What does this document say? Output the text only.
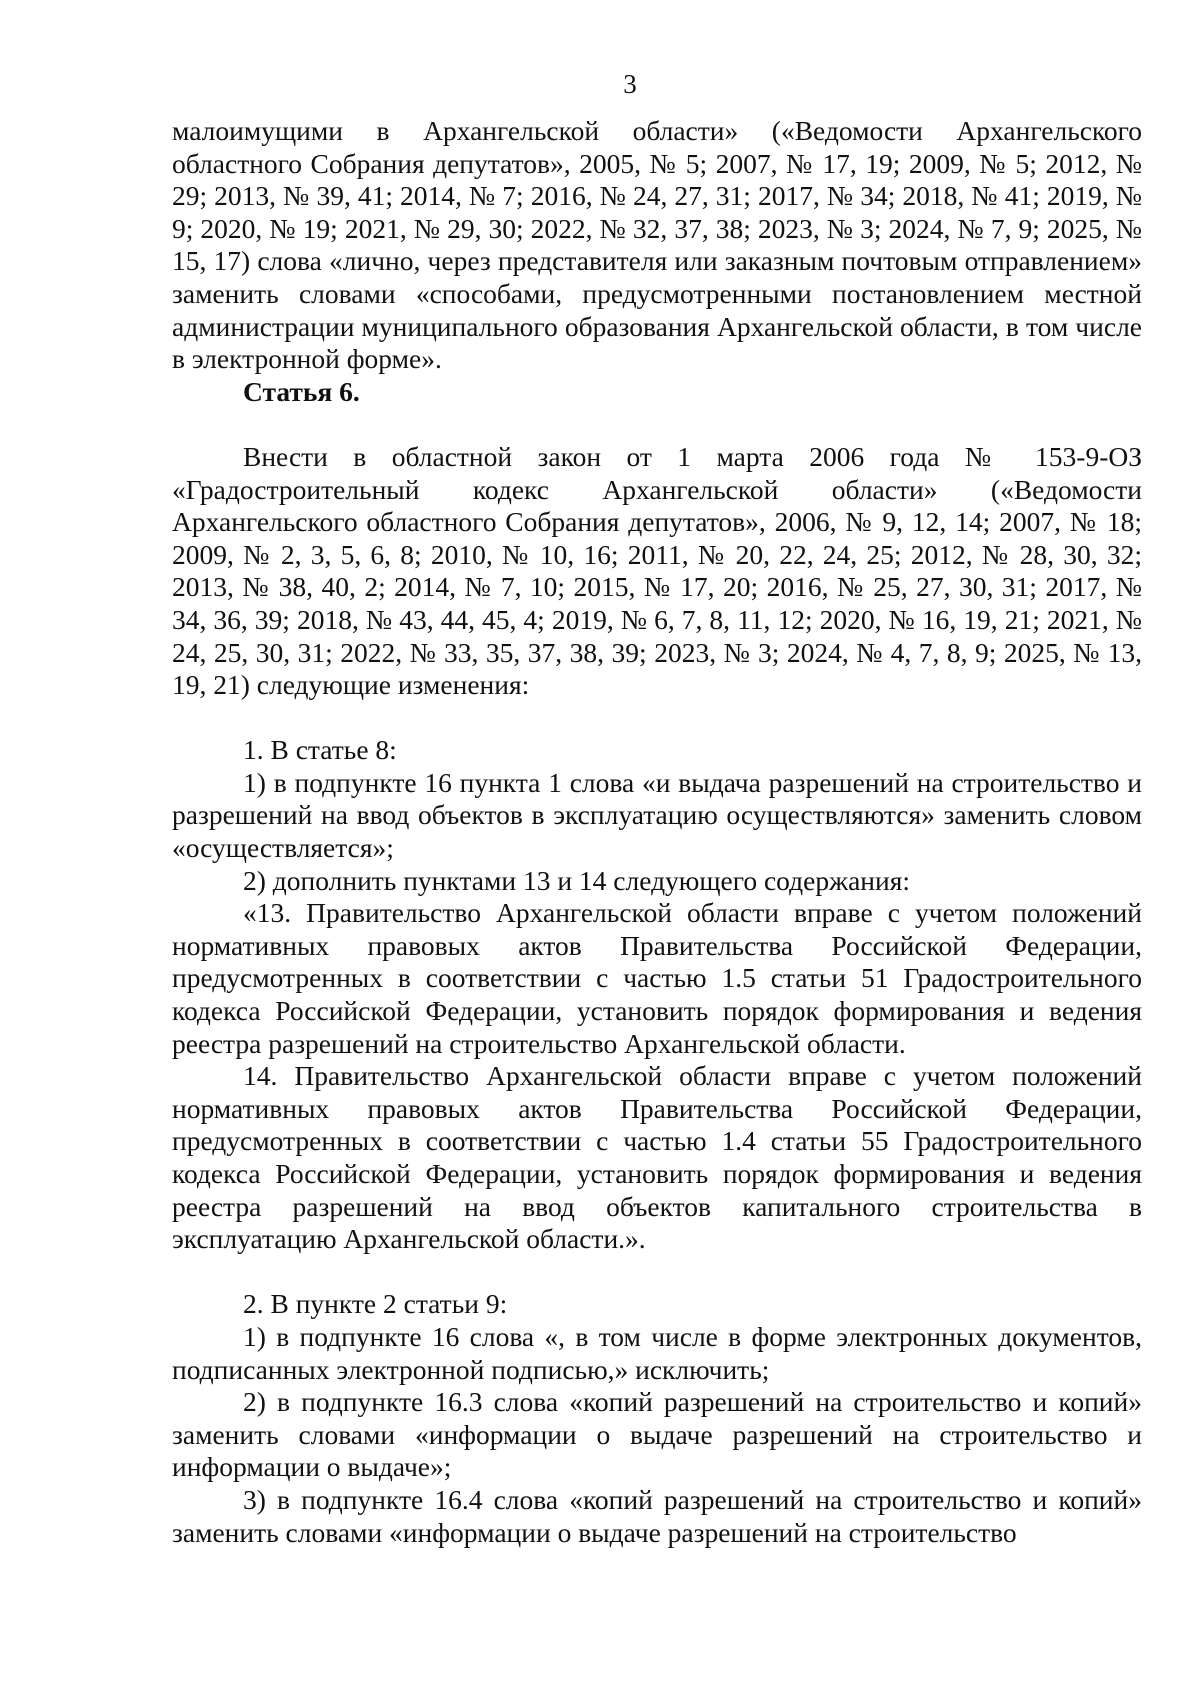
3

малоимущими в Архангельской области» («Ведомости Архангельского областного Собрания депутатов», 2005, № 5; 2007, № 17, 19; 2009, № 5; 2012, № 29; 2013, № 39, 41; 2014, № 7; 2016, № 24, 27, 31; 2017, № 34; 2018, № 41; 2019, № 9; 2020, № 19; 2021, № 29, 30; 2022, № 32, 37, 38; 2023, № 3; 2024, № 7, 9; 2025, № 15, 17) слова «лично, через представителя или заказным почтовым отправлением» заменить словами «способами, предусмотренными постановлением местной администрации муниципального образования Архангельской области, в том числе в электронной форме».

Статья 6.

Внести в областной закон от 1 марта 2006 года № 153-9-ОЗ «Градостроительный кодекс Архангельской области» («Ведомости Архангельского областного Собрания депутатов», 2006, № 9, 12, 14; 2007, № 18; 2009, № 2, 3, 5, 6, 8; 2010, № 10, 16; 2011, № 20, 22, 24, 25; 2012, № 28, 30, 32; 2013, № 38, 40, 2; 2014, № 7, 10; 2015, № 17, 20; 2016, № 25, 27, 30, 31; 2017, № 34, 36, 39; 2018, № 43, 44, 45, 4; 2019, № 6, 7, 8, 11, 12; 2020, № 16, 19, 21; 2021, № 24, 25, 30, 31; 2022, № 33, 35, 37, 38, 39; 2023, № 3; 2024, № 4, 7, 8, 9; 2025, № 13, 19, 21) следующие изменения:

1. В статье 8:

1) в подпункте 16 пункта 1 слова «и выдача разрешений на строительство и разрешений на ввод объектов в эксплуатацию осуществляются» заменить словом «осуществляется»;

2) дополнить пунктами 13 и 14 следующего содержания:

«13. Правительство Архангельской области вправе с учетом положений нормативных правовых актов Правительства Российской Федерации, предусмотренных в соответствии с частью 1.5 статьи 51 Градостроительного кодекса Российской Федерации, установить порядок формирования и ведения реестра разрешений на строительство Архангельской области.

14. Правительство Архангельской области вправе с учетом положений нормативных правовых актов Правительства Российской Федерации, предусмотренных в соответствии с частью 1.4 статьи 55 Градостроительного кодекса Российской Федерации, установить порядок формирования и ведения реестра разрешений на ввод объектов капитального строительства в эксплуатацию Архангельской области.».

2. В пункте 2 статьи 9:

1) в подпункте 16 слова «, в том числе в форме электронных документов, подписанных электронной подписью,» исключить;

2) в подпункте 16.3 слова «копий разрешений на строительство и копий» заменить словами «информации о выдаче разрешений на строительство и информации о выдаче»;

3) в подпункте 16.4 слова «копий разрешений на строительство и копий» заменить словами «информации о выдаче разрешений на строительство
